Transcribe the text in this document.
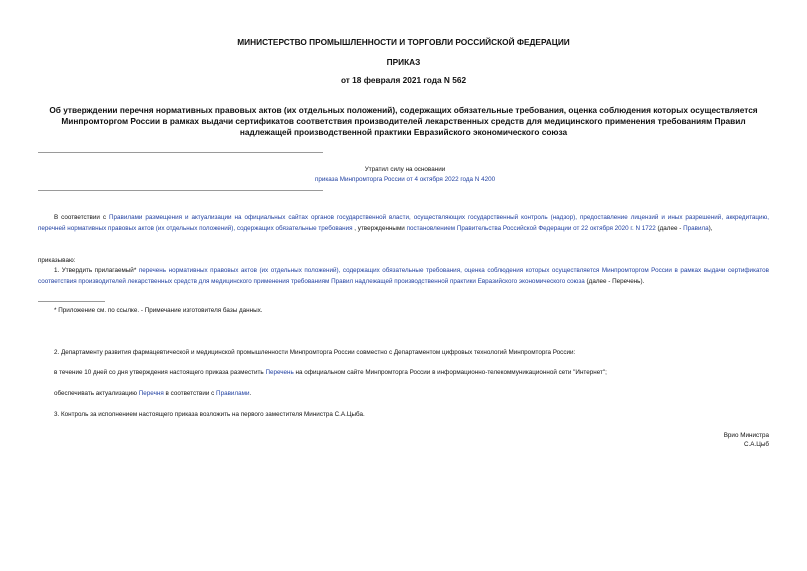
МИНИСТЕРСТВО ПРОМЫШЛЕННОСТИ И ТОРГОВЛИ РОССИЙСКОЙ ФЕДЕРАЦИИ
ПРИКАЗ
от 18 февраля 2021 года N 562
Об утверждении перечня нормативных правовых актов (их отдельных положений), содержащих обязательные требования, оценка соблюдения которых осуществляется Минпромторгом России в рамках выдачи сертификатов соответствия производителей лекарственных средств для медицинского применения требованиям Правил надлежащей производственной практики Евразийского экономического союза
Утратил силу на основании
приказа Минпромторга России от 4 октября 2022 года N 4200
В соответствии с Правилами размещения и актуализации на официальных сайтах органов государственной власти, осуществляющих государственный контроль (надзор), предоставление лицензий и иных разрешений, аккредитацию, перечней нормативных правовых актов (их отдельных положений), содержащих обязательные требования , утвержденными постановлением Правительства Российской Федерации от 22 октября 2020 г. N 1722 (далее - Правила),
приказываю:
1. Утвердить прилагаемый* перечень нормативных правовых актов (их отдельных положений), содержащих обязательные требования, оценка соблюдения которых осуществляется Минпромторгом России в рамках выдачи сертификатов соответствия производителей лекарственных средств для медицинского применения требованиям Правил надлежащей производственной практики Евразийского экономического союза (далее - Перечень).
* Приложение см. по ссылке. - Примечание изготовителя базы данных.
2. Департаменту развития фармацевтической и медицинской промышленности Минпромторга России совместно с Департаментом цифровых технологий Минпромторга России:
в течение 10 дней со дня утверждения настоящего приказа разместить Перечень на официальном сайте Минпромторга России в информационно-телекоммуникационной сети "Интернет";
обеспечивать актуализацию Перечня в соответствии с Правилами.
3. Контроль за исполнением настоящего приказа возложить на первого заместителя Министра С.А.Цыба.
Врио Министра
С.А.Цыб
